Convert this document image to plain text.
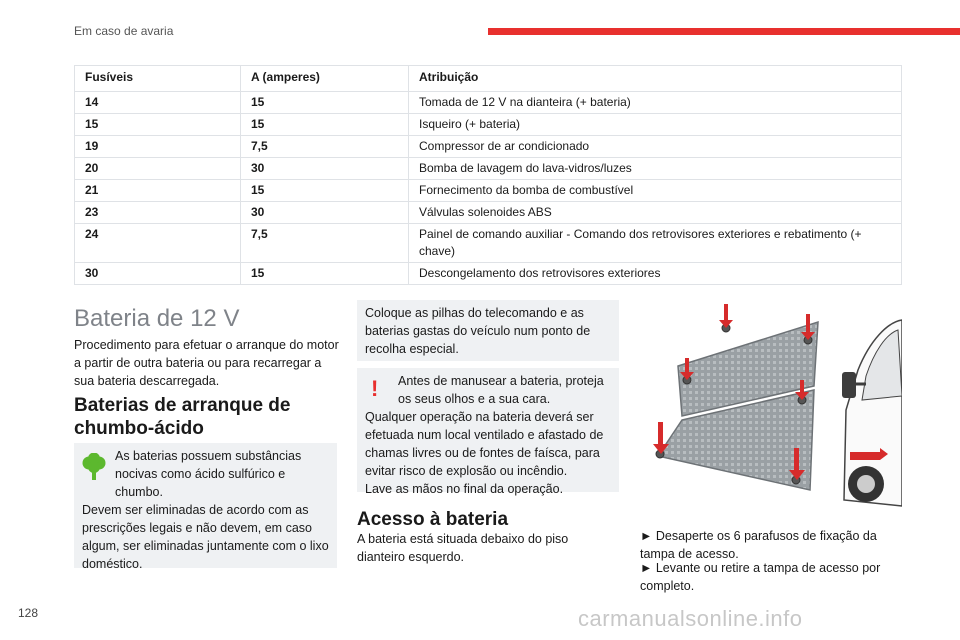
Em caso de avaria
Fusíveis	A (amperes)	Atribuição
14	15	Tomada de 12 V na dianteira (+ bateria)
15	15	Isqueiro (+ bateria)
19	7,5	Compressor de ar condicionado
20	30	Bomba de lavagem do lava-vidros/luzes
21	15	Fornecimento da bomba de combustível
23	30	Válvulas solenoides ABS
24	7,5	Painel de comando auxiliar - Comando dos retrovisores exteriores e rebatimento (+ chave)
30	15	Descongelamento dos retrovisores exteriores
Bateria de 12 V

Procedimento para efetuar o arranque do motor a partir de outra bateria ou para recarregar a sua bateria descarregada.

Baterias de arranque de chumbo-ácido
As baterias possuem substâncias nocivas como ácido sulfúrico e chumbo.
Devem ser eliminadas de acordo com as prescrições legais e não devem, em caso algum, ser eliminadas juntamente com o lixo doméstico.
Coloque as pilhas do telecomando e as baterias gastas do veículo num ponto de recolha especial.
!	Antes de manusear a bateria, proteja os seus olhos e a sua cara.
Qualquer operação na bateria deverá ser efetuada num local ventilado e afastado de chamas livres ou de fontes de faísca, para evitar risco de explosão ou incêndio.
Lave as mãos no final da operação.
Acesso à bateria

A bateria está situada debaixo do piso dianteiro esquerdo.

► Desaperte os 6 parafusos de fixação da tampa de acesso.

► Levante ou retire a tampa de acesso por completo.

128	carmanualsonline.info
